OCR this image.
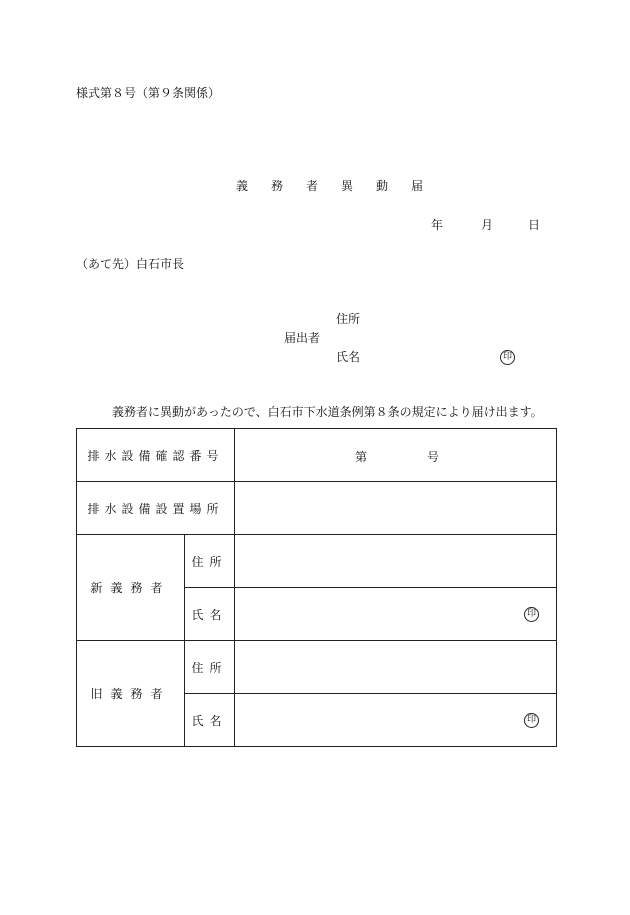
様式第８号（第９条関係）
義務者異動届
年	月	日
（あて先）白石市長
住所
届出者
氏名	印
義務者に異動があったので、白石市下水道条例第８条の規定により届け出ます。
排水設備確認番号		第 号

排水設備設置場所		
新義務者	住所	
	氏名	印

旧義務者	住所	
	氏名	印
